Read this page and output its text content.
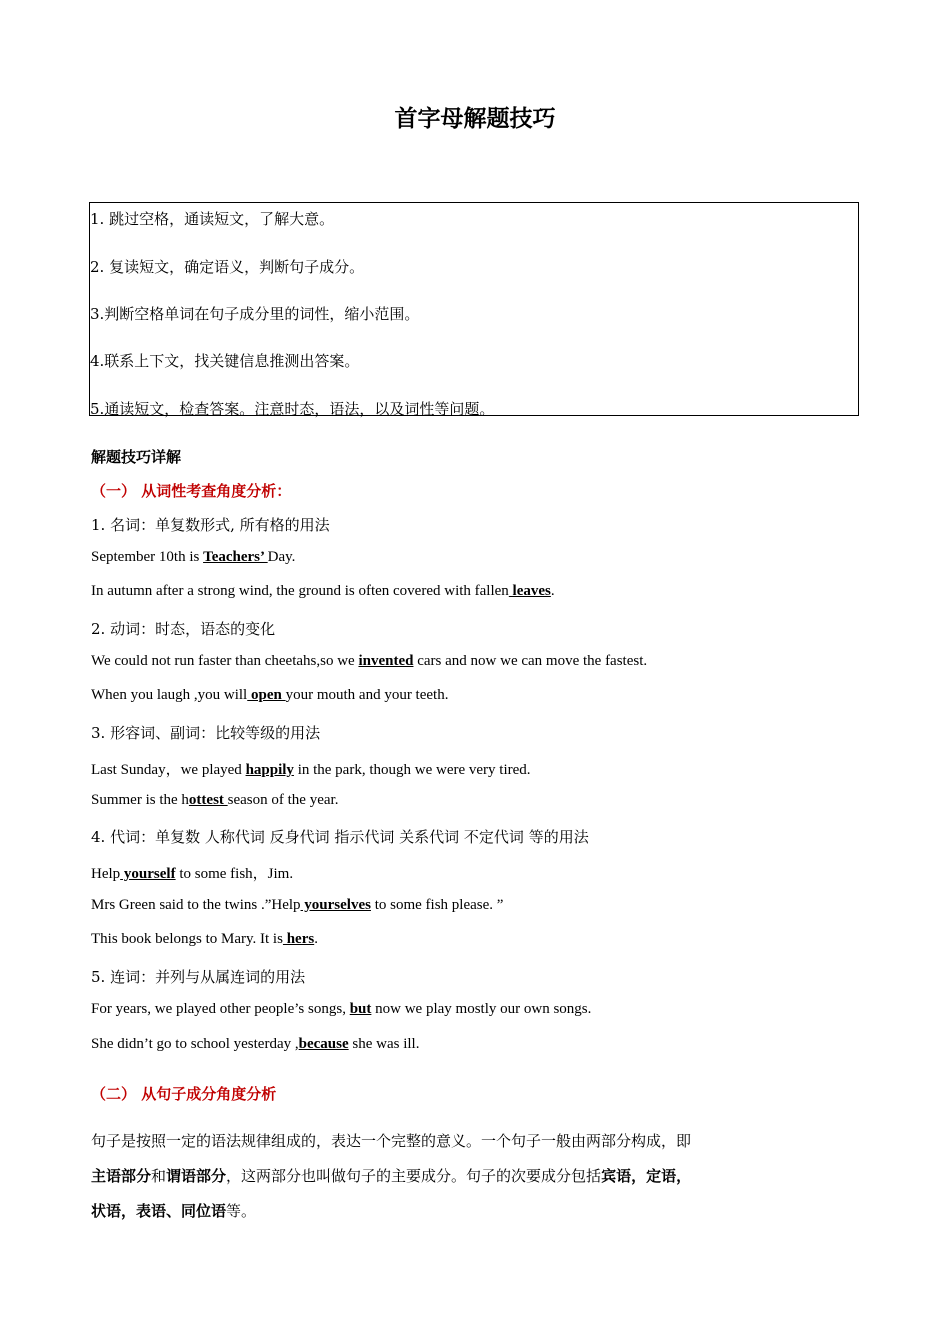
首字母解题技巧
1. 跳过空格，通读短文，了解大意。
2. 复读短文，确定语义，判断句子成分。
3.判断空格单词在句子成分里的词性，缩小范围。
4.联系上下文，找关键信息推测出答案。
5.通读短文，检查答案。注意时态，语法，以及词性等问题。
解题技巧详解
（一） 从词性考查角度分析：
1. 名词：单复数形式, 所有格的用法
September 10th is Teachers’ Day.
In autumn after a strong wind, the ground is often covered with fallen leaves.
2. 动词：时态，语态的变化
We could not run faster than cheetahs,so we invented cars and now we can move the fastest.
When you laugh ,you will open your mouth and your teeth.
3. 形容词、副词：比较等级的用法
Last Sunday，we played happily in the park, though we were very tired.
Summer is the hottest season of the year.
4. 代词：单复数 人称代词 反身代词 指示代词 关系代词 不定代词 等的用法
Help yourself to some fish，Jim.
Mrs Green said to the twins .”Help yourselves to some fish please. ”
This book belongs to Mary. It is hers.
5. 连词：并列与从属连词的用法
For years, we played other people’s songs, but now we play mostly our own songs.
She didn’t go to school yesterday ,because she was ill.
（二） 从句子成分角度分析
句子是按照一定的语法规律组成的，表达一个完整的意义。一个句子一般由两部分构成，即
主语部分和谓语部分，这两部分也叫做句子的主要成分。句子的次要成分包括宾语，定语，
状语，表语、同位语等。
